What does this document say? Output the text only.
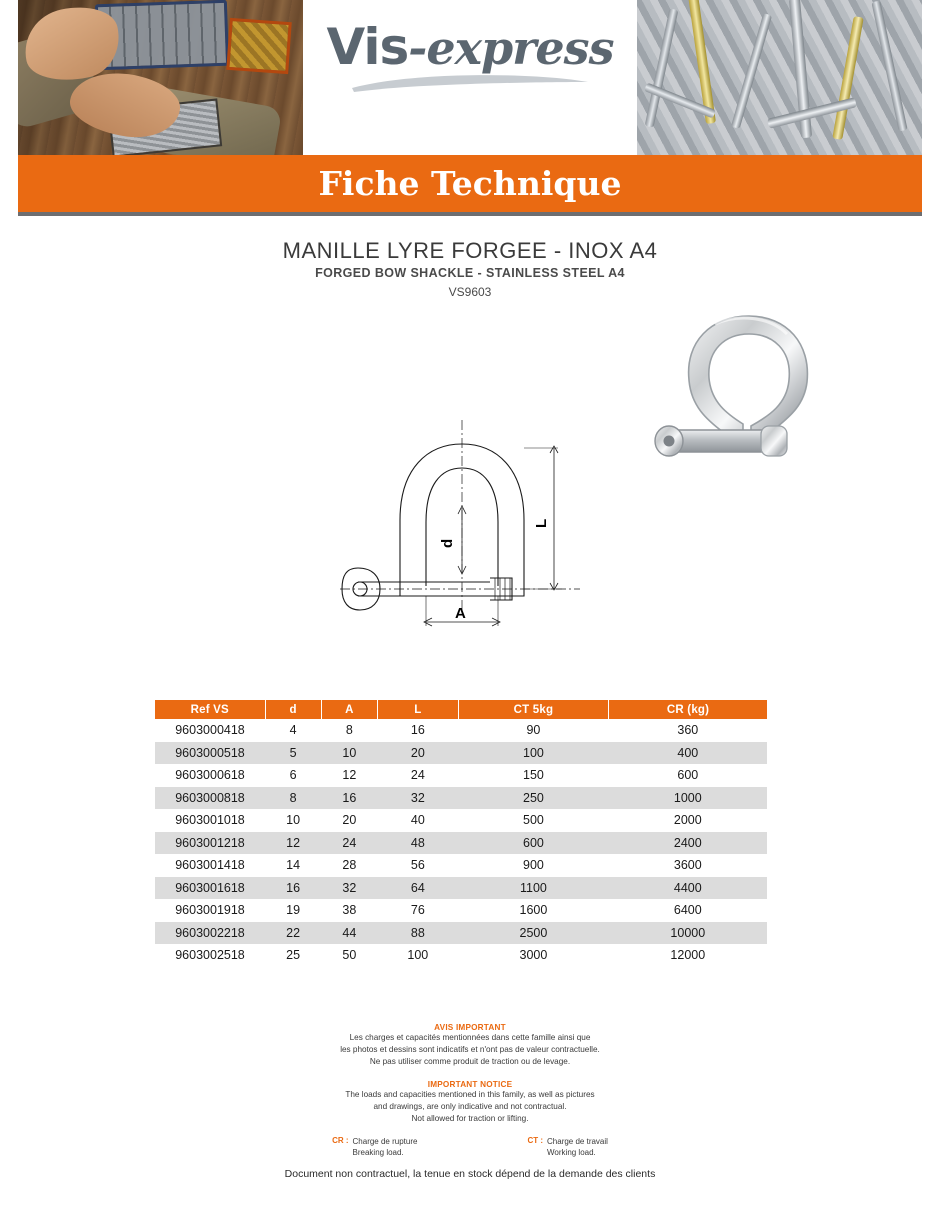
Vis-express
Fiche Technique
MANILLE LYRE FORGEE - INOX A4
FORGED BOW SHACKLE - STAINLESS STEEL A4
VS9603
L
d
A
Ref VS	d	A	L	CT 5kg	CR (kg)
9603000418	4	8	16	90	360
9603000518	5	10	20	100	400
9603000618	6	12	24	150	600
9603000818	8	16	32	250	1000
9603001018	10	20	40	500	2000
9603001218	12	24	48	600	2400
9603001418	14	28	56	900	3600
9603001618	16	32	64	1100	4400
9603001918	19	38	76	1600	6400
9603002218	22	44	88	2500	10000
9603002518	25	50	100	3000	12000
AVIS IMPORTANT
Les charges et capacités mentionnées dans cette famille ainsi que
les photos et dessins sont indicatifs et n'ont pas de valeur contractuelle.
Ne pas utiliser comme produit de traction ou de levage.
IMPORTANT NOTICE
The loads and capacities mentioned in this family, as well as pictures
and drawings, are only indicative and not contractual.
Not allowed for traction or lifting.
CR : Charge de rupture
Breaking load.
CT : Charge de travail
Working load.
Document non contractuel, la tenue en stock dépend de la demande des clients
